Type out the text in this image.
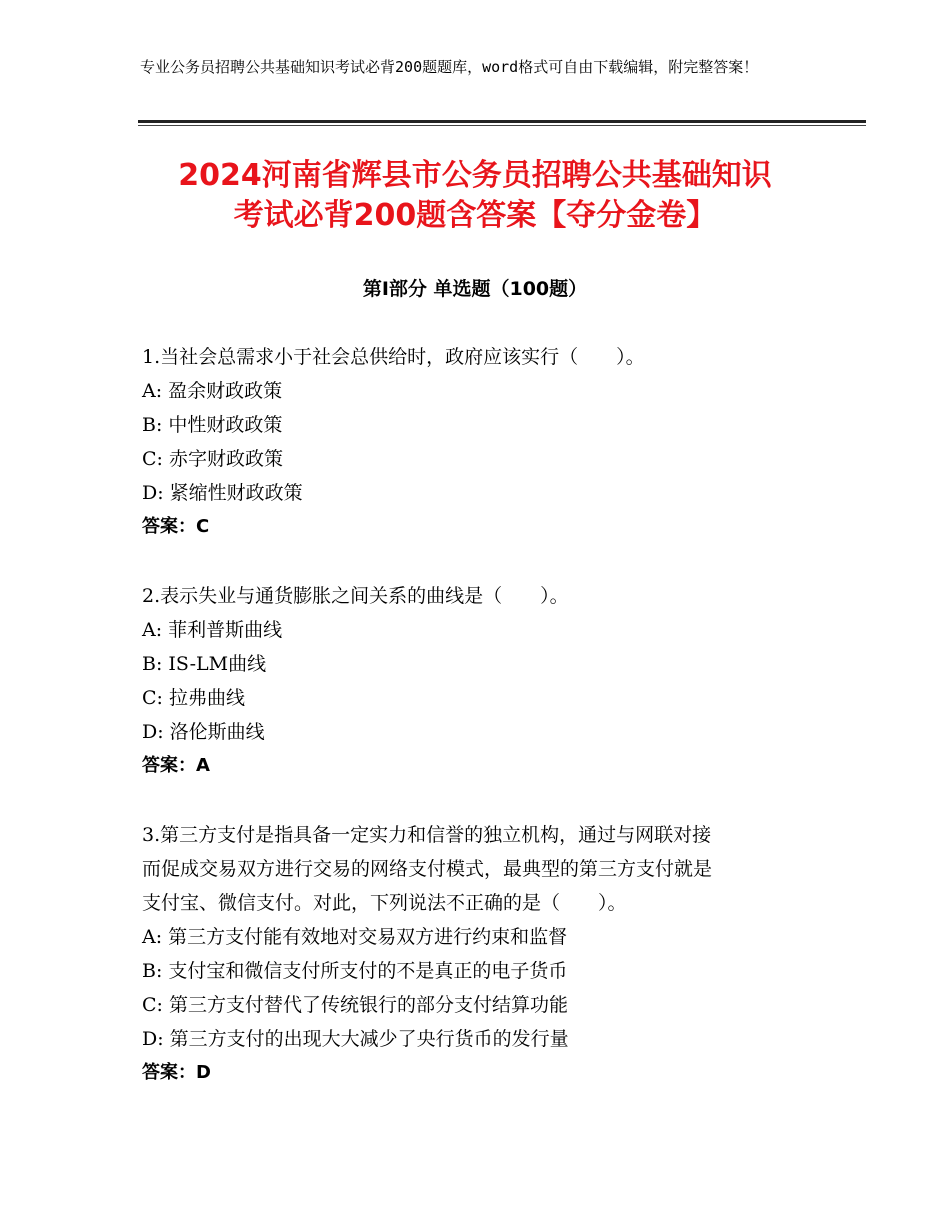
专业公务员招聘公共基础知识考试必背200题题库，word格式可自由下载编辑，附完整答案！
2024河南省辉县市公务员招聘公共基础知识
考试必背200题含答案【夺分金卷】
第Ⅰ部分 单选题（100题）
1.当社会总需求小于社会总供给时，政府应该实行（　　）。
A: 盈余财政政策
B: 中性财政政策
C: 赤字财政政策
D: 紧缩性财政政策
答案：C
2.表示失业与通货膨胀之间关系的曲线是（　　）。
A: 菲利普斯曲线
B: IS-LM曲线
C: 拉弗曲线
D: 洛伦斯曲线
答案：A
3.第三方支付是指具备一定实力和信誉的独立机构，通过与网联对接
而促成交易双方进行交易的网络支付模式，最典型的第三方支付就是
支付宝、微信支付。对此，下列说法不正确的是（　　）。
A: 第三方支付能有效地对交易双方进行约束和监督
B: 支付宝和微信支付所支付的不是真正的电子货币
C: 第三方支付替代了传统银行的部分支付结算功能
D: 第三方支付的出现大大减少了央行货币的发行量
答案：D
